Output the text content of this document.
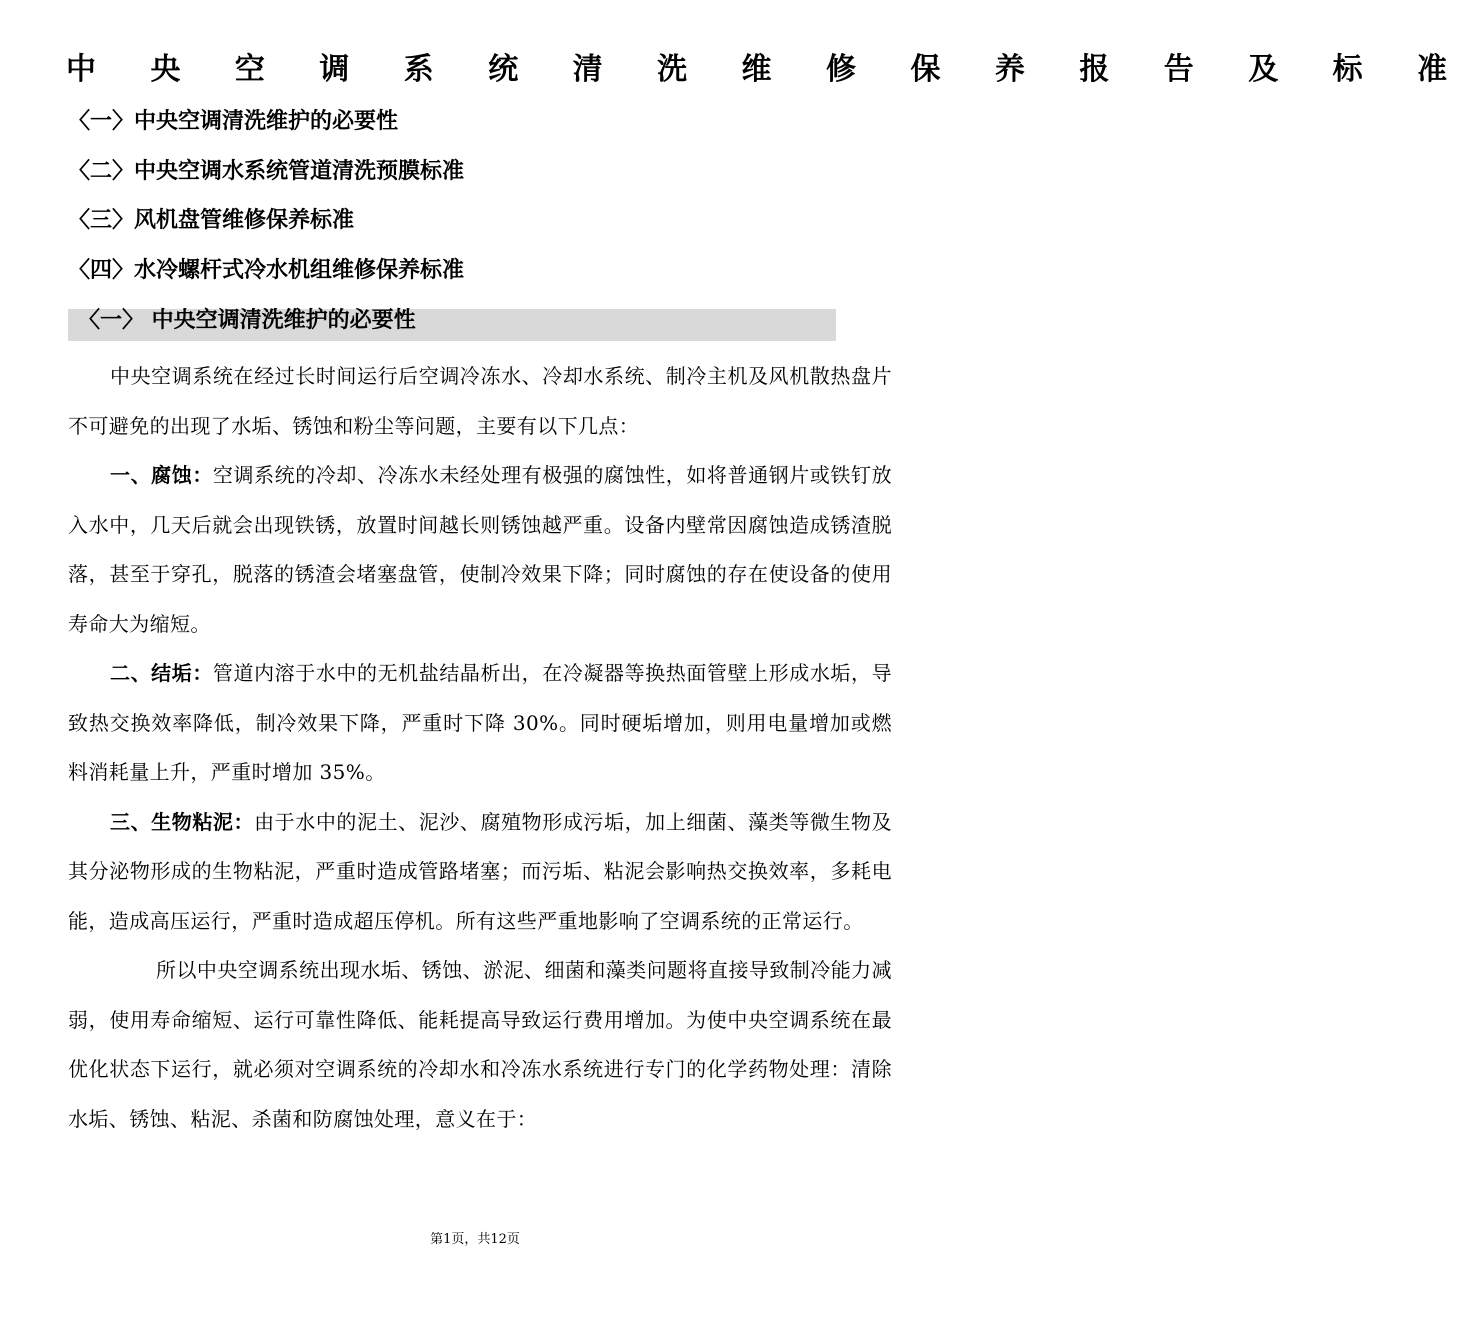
中 央 空 调 系 统 清 洗 维 修 保 养 报 告 及 标 准
〈一〉中央空调清洗维护的必要性
〈二〉中央空调水系统管道清洗预膜标准
〈三〉风机盘管维修保养标准
〈四〉水冷螺杆式冷水机组维修保养标准
〈一〉 中央空调清洗维护的必要性

中央空调系统在经过长时间运行后空调冷冻水、冷却水系统、制冷主机及风机散热盘片不可避免的出现了水垢、锈蚀和粉尘等问题，主要有以下几点：

一、腐蚀：空调系统的冷却、冷冻水未经处理有极强的腐蚀性，如将普通钢片或铁钉放入水中，几天后就会出现铁锈，放置时间越长则锈蚀越严重。设备内壁常因腐蚀造成锈渣脱落，甚至于穿孔，脱落的锈渣会堵塞盘管，使制冷效果下降；同时腐蚀的存在使设备的使用寿命大为缩短。

二、结垢：管道内溶于水中的无机盐结晶析出，在冷凝器等换热面管壁上形成水垢，导致热交换效率降低，制冷效果下降，严重时下降 30%。同时硬垢增加，则用电量增加或燃料消耗量上升，严重时增加 35%。

三、生物粘泥：由于水中的泥土、泥沙、腐殖物形成污垢，加上细菌、藻类等微生物及其分泌物形成的生物粘泥，严重时造成管路堵塞；而污垢、粘泥会影响热交换效率，多耗电能，造成高压运行，严重时造成超压停机。所有这些严重地影响了空调系统的正常运行。

所以中央空调系统出现水垢、锈蚀、淤泥、细菌和藻类问题将直接导致制冷能力减弱，使用寿命缩短、运行可靠性降低、能耗提高导致运行费用增加。为使中央空调系统在最优化状态下运行，就必须对空调系统的冷却水和冷冻水系统进行专门的化学药物处理：清除水垢、锈蚀、粘泥、杀菌和防腐蚀处理，意义在于：

第1页，共12页
